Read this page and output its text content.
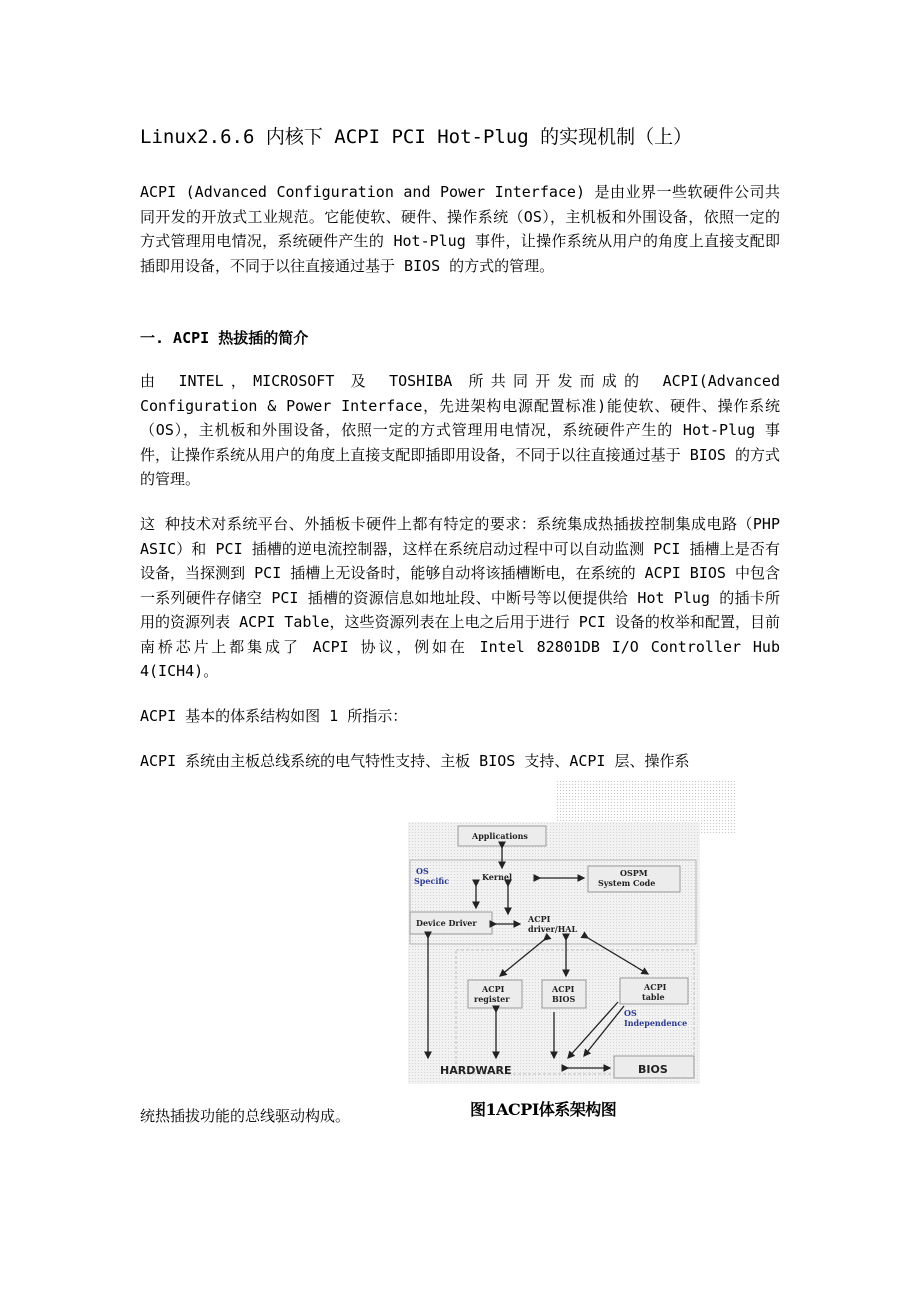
Linux2.6.6 内核下 ACPI PCI Hot-Plug 的实现机制（上）
ACPI (Advanced Configuration and Power Interface) 是由业界一些软硬件公司共同开发的开放式工业规范。它能使软、硬件、操作系统（OS），主机板和外围设备，依照一定的方式管理用电情况，系统硬件产生的 Hot-Plug 事件，让操作系统从用户的角度上直接支配即插即用设备，不同于以往直接通过基于 BIOS 的方式的管理。
一. ACPI 热拔插的简介
由 INTEL，MICROSOFT 及 TOSHIBA 所共同开发而成的 ACPI(Advanced Configuration & Power Interface，先进架构电源配置标准)能使软、硬件、操作系统（OS），主机板和外围设备，依照一定的方式管理用电情况，系统硬件产生的 Hot-Plug 事件，让操作系统从用户的角度上直接支配即插即用设备，不同于以往直接通过基于 BIOS 的方式的管理。
这 种技术对系统平台、外插板卡硬件上都有特定的要求：系统集成热插拔控制集成电路（PHP ASIC）和 PCI 插槽的逆电流控制器，这样在系统启动过程中可以自动监测 PCI 插槽上是否有设备，当探测到 PCI 插槽上无设备时，能够自动将该插槽断电，在系统的 ACPI BIOS 中包含一系列硬件存储空 PCI 插槽的资源信息如地址段、中断号等以便提供给 Hot Plug 的插卡所用的资源列表 ACPI Table，这些资源列表在上电之后用于进行 PCI 设备的枚举和配置，目前南桥芯片上都集成了 ACPI 协议，例如在 Intel 82801DB I/O Controller Hub 4(ICH4)。
ACPI 基本的体系结构如图 1 所指示：
ACPI 系统由主板总线系统的电气特性支持、主板 BIOS 支持、ACPI 层、操作系
Applications
Kernel	OSPM
System Code
OS
Specific
Device Driver	ACPI
driver/HAL
ACPI
register
ACPI
BIOS
ACPI
table
OS
Independence
HARDWARE	BIOS
统热插拔功能的总线驱动构成。	图1ACPI体系架构图
